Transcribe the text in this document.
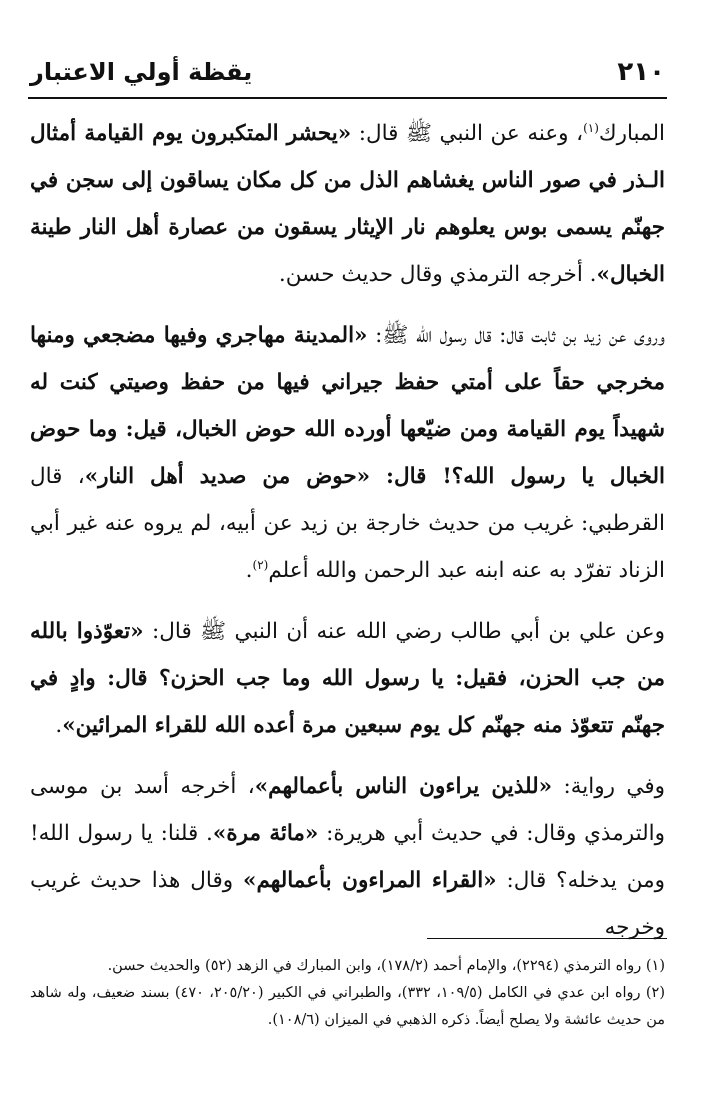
٢١٠
يقظة أولي الاعتبار

المبارك$^{(١)}$، وعنه عن النبي ﷺ قال: «يحشر المتكبرون يوم القيامة أمثال الـذر في صور الناس يغشاهم الذل من كل مكان يساقون إلى سجن في جهنّم يسمى بوس يعلوهم نار الإيثار يسقون من عصارة أهل النار طينة الخبال». أخرجه الترمذي وقال حديث حسن.

وروى عن زيد بن ثابت قال: قال رسول الله ﷺ: «المدينة مهاجري وفيها مضجعي ومنها مخرجي حقاً على أمتي حفظ جيراني فيها من حفظ وصيتي كنت له شهيداً يوم القيامة ومن ضيّعها أورده الله حوض الخبال، قيل: وما حوض الخبال يا رسول الله؟! قال: «حوض من صديد أهل النار»، قال القرطبي: غريب من حديث خارجة بن زيد عن أبيه، لم يروه عنه غير أبي الزناد تفرّد به عنه ابنه عبد الرحمن والله أعلم$^{(٢)}$.

وعن علي بن أبي طالب رضي الله عنه أن النبي ﷺ قال: «تعوّذوا بالله من جب الحزن، فقيل: يا رسول الله وما جب الحزن؟ قال: وادٍ في جهنّم تتعوّذ منه جهنّم كل يوم سبعين مرة أعده الله للقراء المرائين».

وفي رواية: «للذين يراءون الناس بأعمالهم»، أخرجه أسد بن موسى والترمذي وقال: في حديث أبي هريرة: «مائة مرة». قلنا: يا رسول الله! ومن يدخله؟ قال: «القراء المراءون بأعمالهم» وقال هذا حديث غريب وخرجه

(١) رواه الترمذي (٢٢٩٤)، والإمام أحمد (١٧٨/٢)، وابن المبارك في الزهد (٥٢) والحديث حسن.

(٢) رواه ابن عدي في الكامل (١٠٩/٥، ٣٣٢)، والطبراني في الكبير (٢٠٥/٢٠، ٤٧٠) بسند ضعيف، وله شاهد من حديث عائشة ولا يصلح أيضاً. ذكره الذهبي في الميزان (١٠٨/٦).
